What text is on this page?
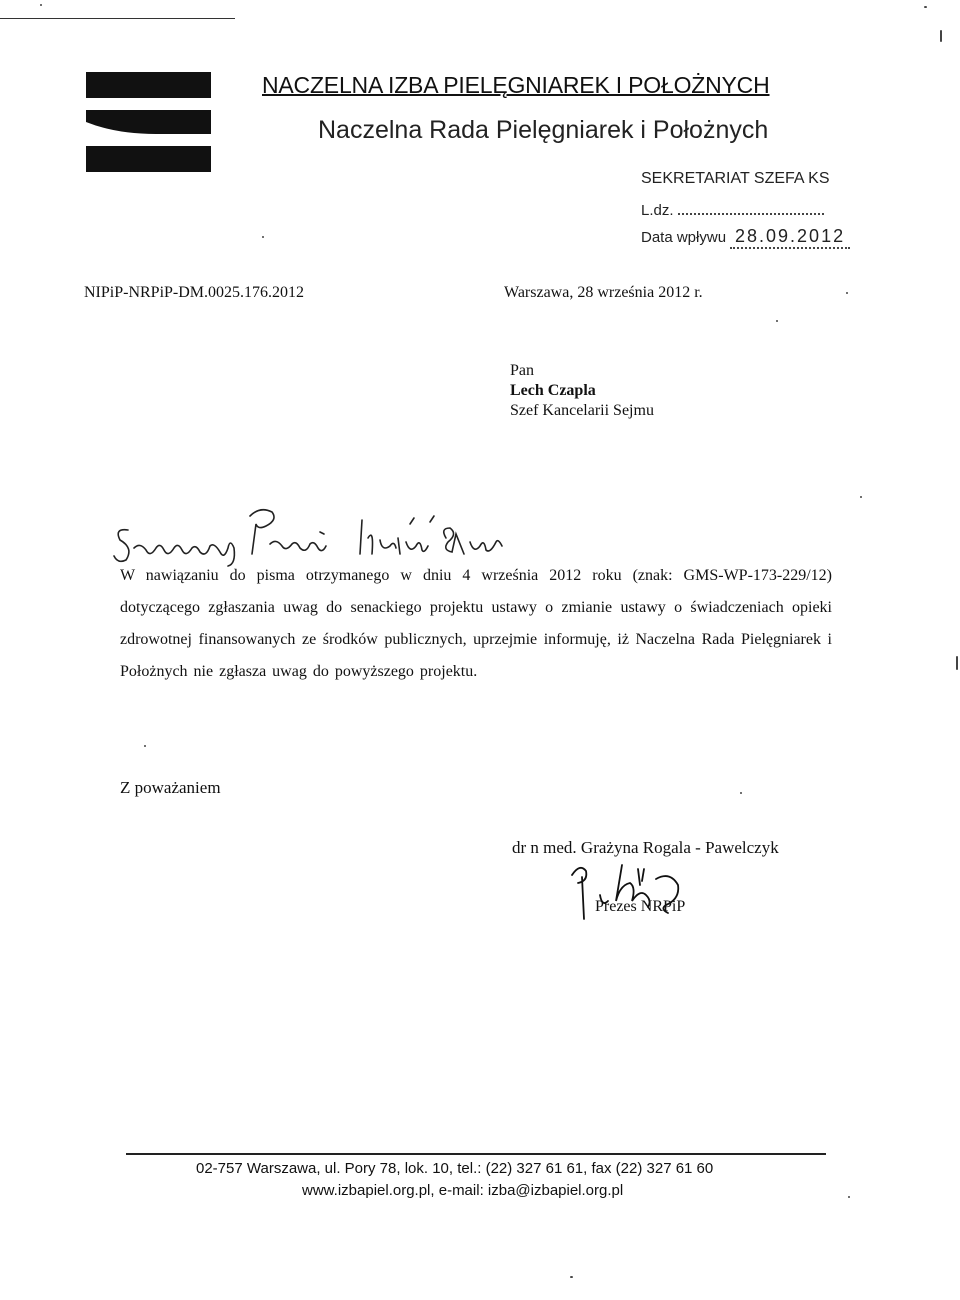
NACZELNA IZBA PIELĘGNIAREK I POŁOŻNYCH
Naczelna Rada Pielęgniarek i Położnych
SEKRETARIAT SZEFA KS
L.dz.
Data wpływu 28.09.2012
NIPiP-NRPiP-DM.0025.176.2012	Warszawa, 28 września 2012 r.
Pan
Lech Czapla
Szef Kancelarii Sejmu
W nawiązaniu do pisma otrzymanego w dniu 4 września 2012 roku (znak: GMS-WP-173-229/12) dotyczącego zgłaszania uwag do senackiego projektu ustawy o zmianie ustawy o świadczeniach opieki zdrowotnej finansowanych ze środków publicznych, uprzejmie informuję, iż Naczelna Rada Pielęgniarek i Położnych nie zgłasza uwag do powyższego projektu.
Z poważaniem
dr n med. Grażyna Rogala - Pawelczyk
Prezes NRPiP
02-757 Warszawa, ul. Pory 78, lok. 10, tel.: (22) 327 61 61, fax (22) 327 61 60
www.izbapiel.org.pl, e-mail: izba@izbapiel.org.pl
